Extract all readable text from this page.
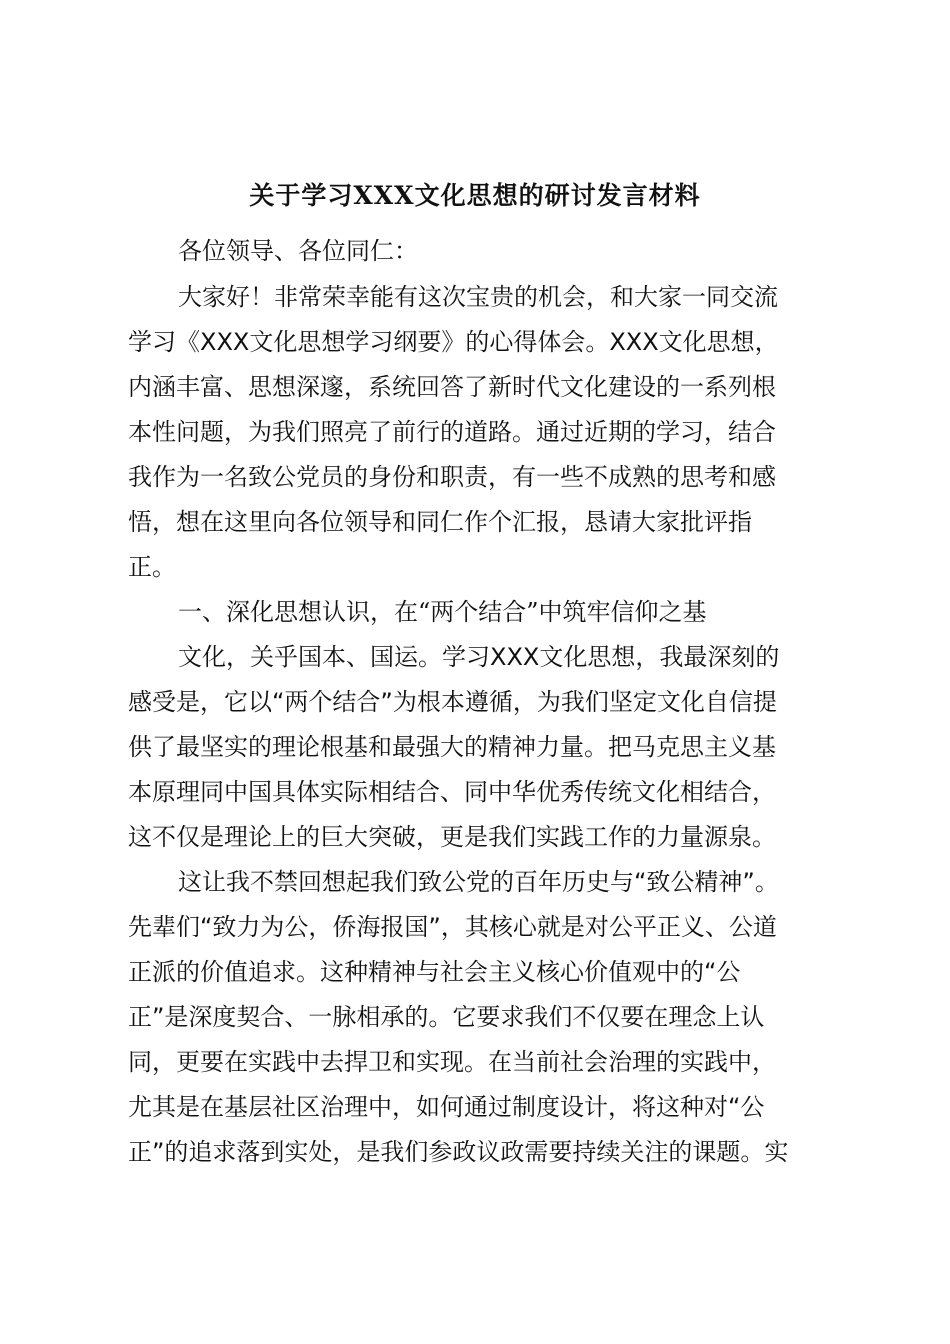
关于学习XXX文化思想的研讨发言材料
各位领导、各位同仁：
大家好！非常荣幸能有这次宝贵的机会，和大家一同交流
学习《XXX文化思想学习纲要》的心得体会。XXX文化思想，
内涵丰富、思想深邃，系统回答了新时代文化建设的一系列根
本性问题，为我们照亮了前行的道路。通过近期的学习，结合
我作为一名致公党员的身份和职责，有一些不成熟的思考和感
悟，想在这里向各位领导和同仁作个汇报，恳请大家批评指
正。
一、深化思想认识，在“两个结合”中筑牢信仰之基
文化，关乎国本、国运。学习XXX文化思想，我最深刻的
感受是，它以“两个结合”为根本遵循，为我们坚定文化自信提
供了最坚实的理论根基和最强大的精神力量。把马克思主义基
本原理同中国具体实际相结合、同中华优秀传统文化相结合，
这不仅是理论上的巨大突破，更是我们实践工作的力量源泉。
这让我不禁回想起我们致公党的百年历史与“致公精神”。
先辈们“致力为公，侨海报国”，其核心就是对公平正义、公道
正派的价值追求。这种精神与社会主义核心价值观中的“公
正”是深度契合、一脉相承的。它要求我们不仅要在理念上认
同，更要在实践中去捍卫和实现。在当前社会治理的实践中，
尤其是在基层社区治理中，如何通过制度设计，将这种对“公
正”的追求落到实处，是我们参政议政需要持续关注的课题。实
